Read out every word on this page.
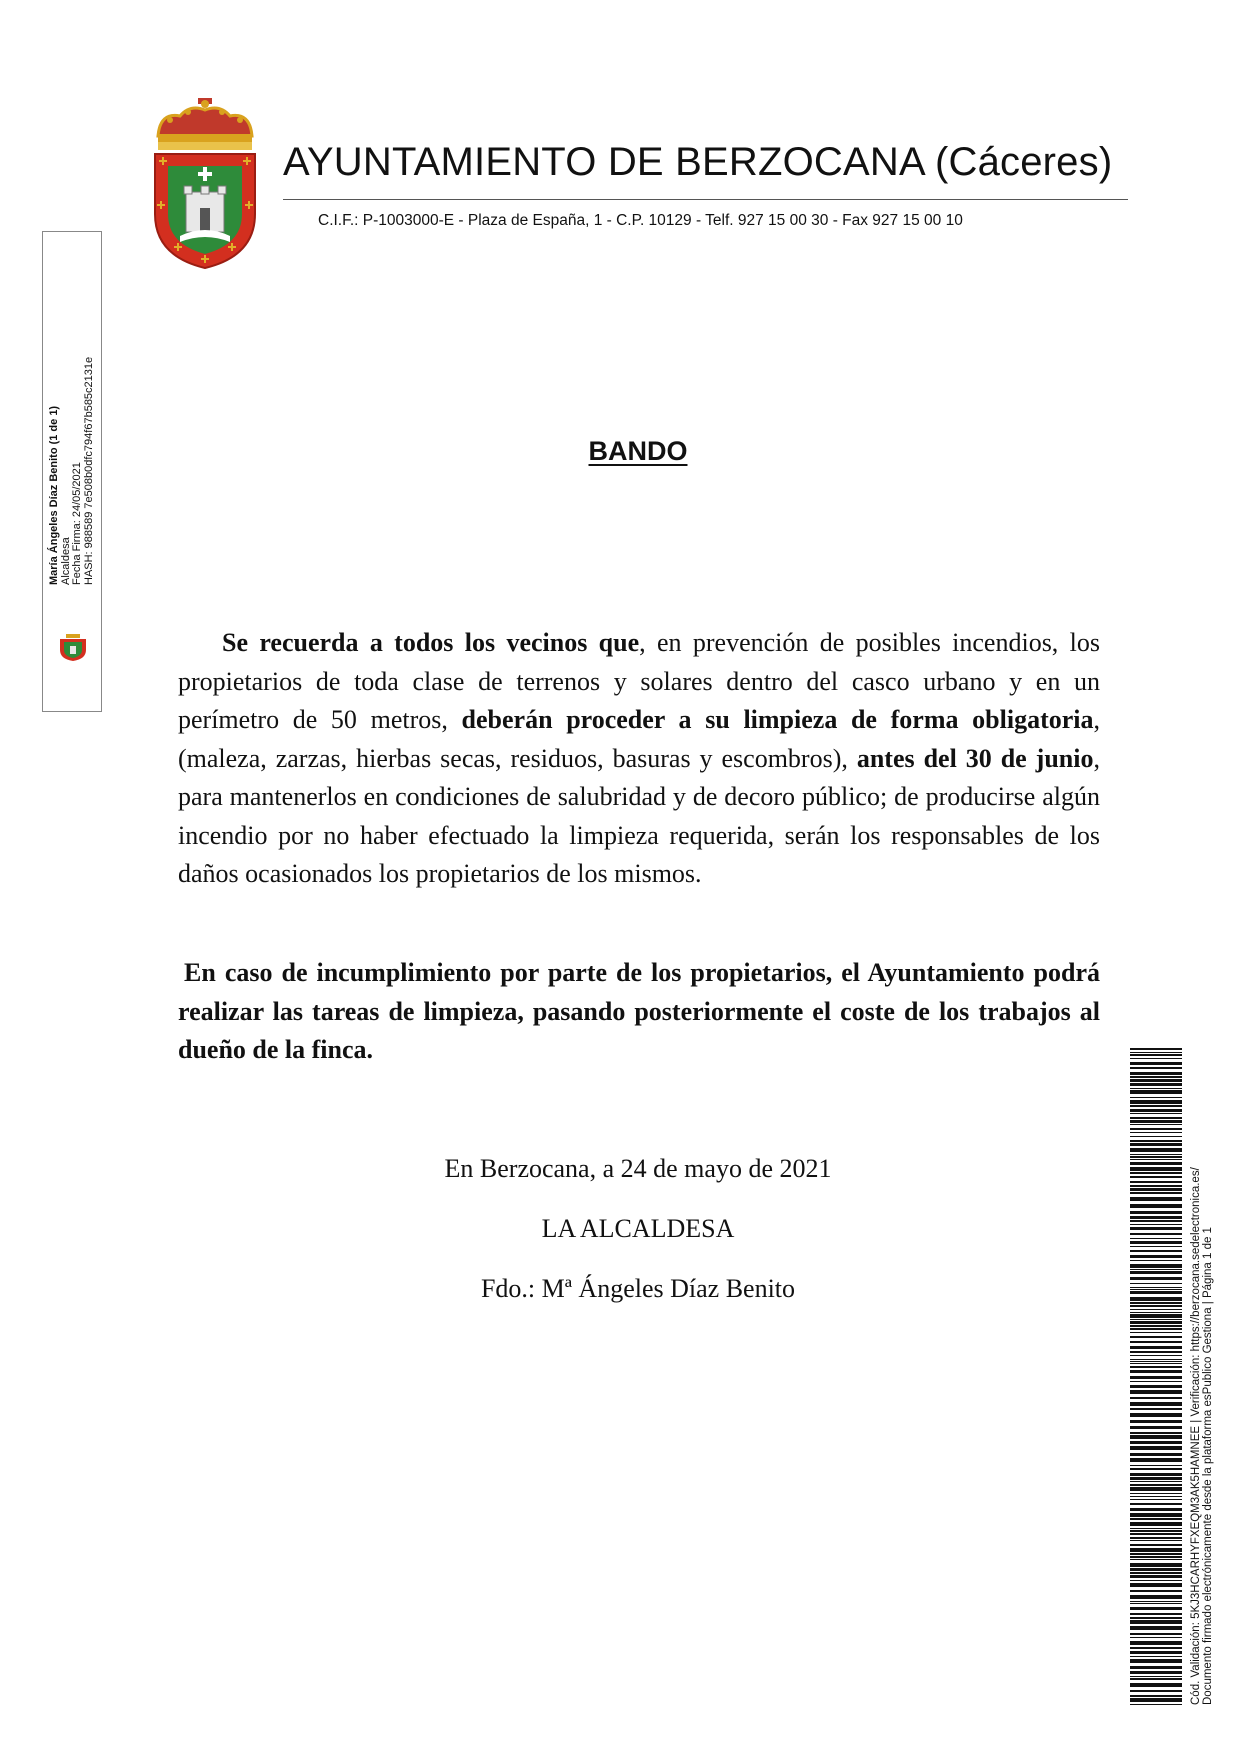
AYUNTAMIENTO DE BERZOCANA (Cáceres)
C.I.F.: P-1003000-E - Plaza de España, 1 - C.P. 10129 - Telf. 927 15 00 30 - Fax 927 15 00 10
María Ángeles Díaz Benito (1 de 1) Alcaldesa Fecha Firma: 24/05/2021 HASH: 988589 7e508b0dfc794f67b585c2131e	BANDO
Se recuerda a todos los vecinos que, en prevención de posibles incendios, los propietarios de toda clase de terrenos y solares dentro del casco urbano y en un perímetro de 50 metros, deberán proceder a su limpieza de forma obligatoria,(maleza, zarzas, hierbas secas, residuos, basuras y escombros), antes del 30 de junio, para mantenerlos en condiciones de salubridad y de decoro público; de producirse algún incendio por no haber efectuado la limpieza requerida, serán los responsables de los daños ocasionados los propietarios de los mismos.
En caso de incumplimiento por parte de los propietarios, el Ayuntamiento podrá realizar las tareas de limpieza, pasando posteriormente el coste de los trabajos al dueño de la finca.
En Berzocana, a 24 de mayo de 2021
LA ALCALDESA
Fdo.: Mª Ángeles Díaz Benito	Cód. Validación: 5KJ3HCARHYFXEQM3AK5HAMNEE | Verificación: https://berzocana.sedelectronica.es/ Documento firmado electrónicamente desde la plataforma esPublico Gestiona | Página 1 de 1
